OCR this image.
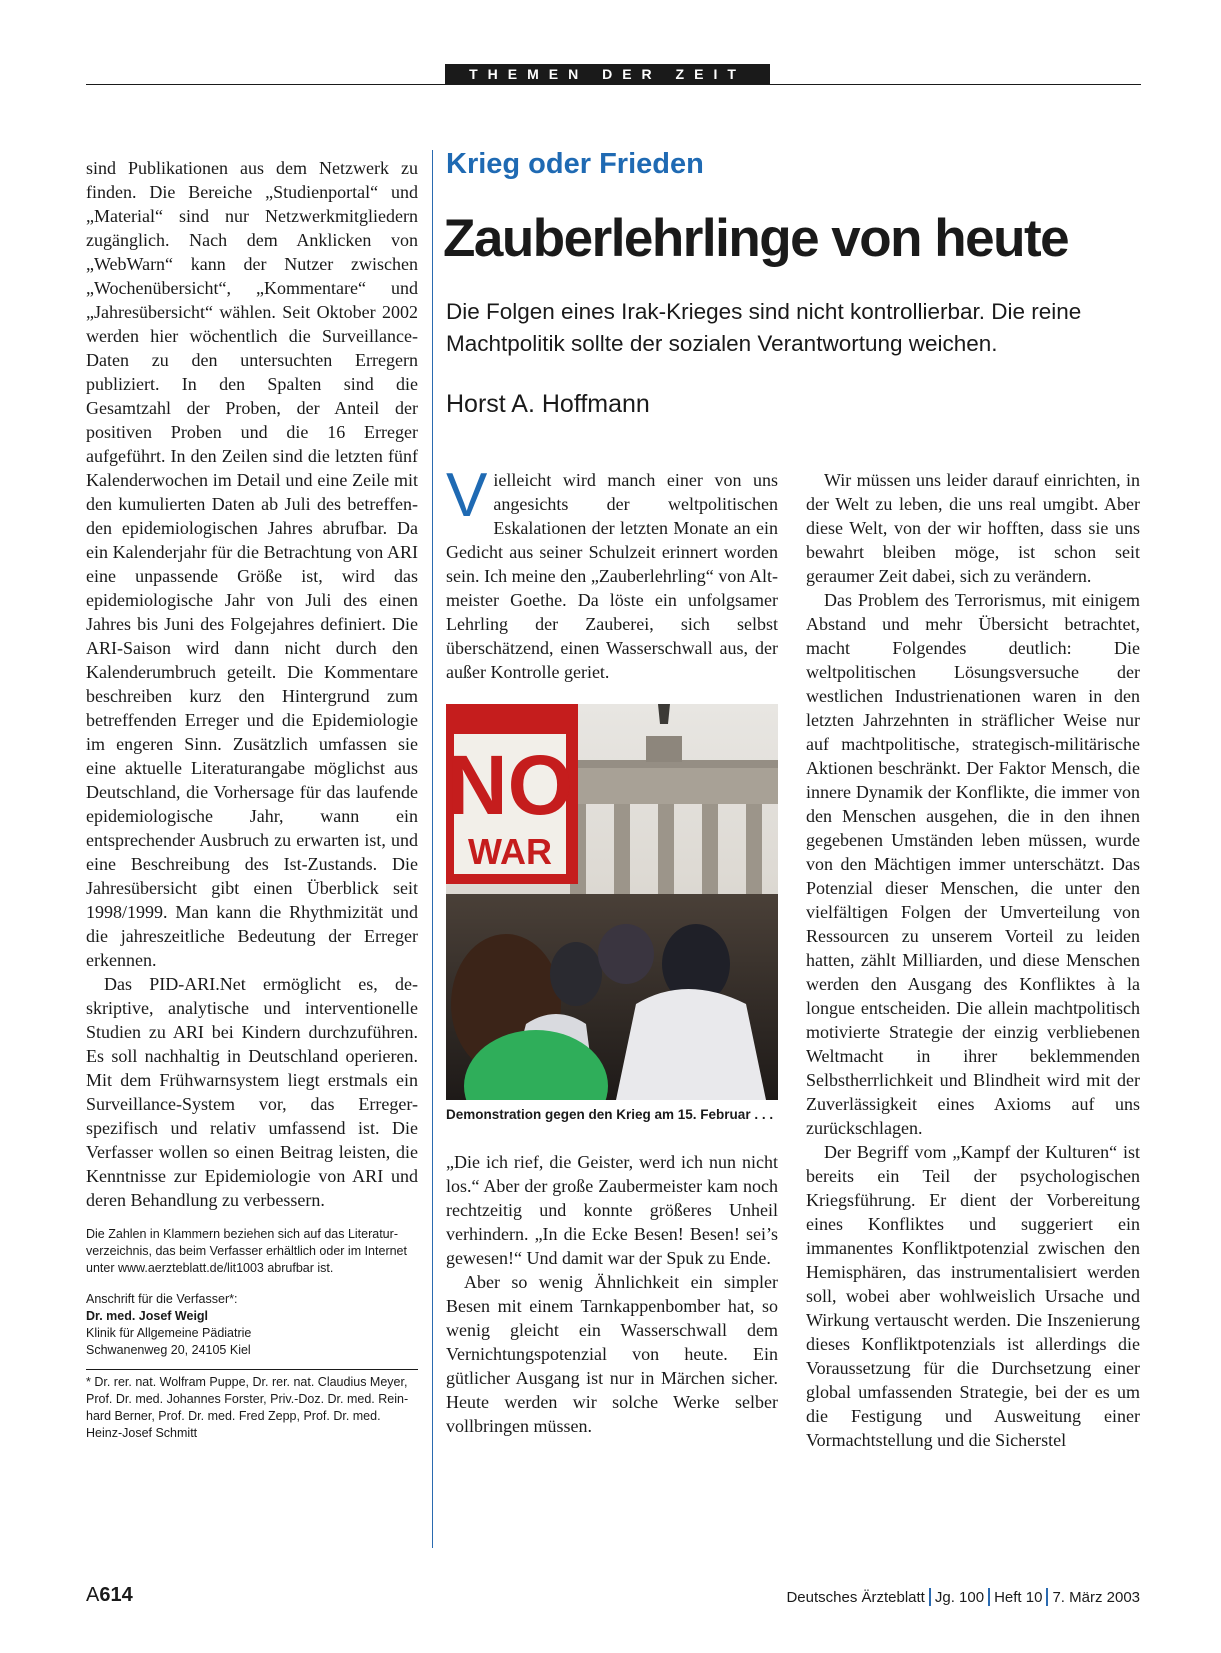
THEMEN DER ZEIT

sind Publikationen aus dem Netzwerk zu finden. Die Bereiche „Studienportal“ und „Material“ sind nur Netzwerkmitgliedern zugänglich. Nach dem Anklicken von „WebWarn“ kann der Nutzer zwischen „Wochenübersicht“, „Kommentare“ und „Jahresübersicht“ wählen. Seit Oktober 2002 werden hier wöchentlich die Surveillance-Daten zu den untersuchten Erregern publiziert. In den Spalten sind die Gesamtzahl der Proben, der Anteil der positiven Proben und die 16 Erreger aufgeführt. In den Zeilen sind die letzten fünf Kalenderwochen im Detail und eine Zeile mit den kumulierten Daten ab Juli des betreffenden epidemiologischen Jahres abrufbar. Da ein Kalenderjahr für die Betrachtung von ARI eine unpassende Größe ist, wird das epidemiologische Jahr von Juli des einen Jahres bis Juni des Folgejahres definiert. Die ARI-Saison wird dann nicht durch den Kalenderumbruch geteilt. Die Kommentare beschreiben kurz den Hintergrund zum betreffenden Erreger und die Epidemiologie im engeren Sinn. Zusätzlich umfassen sie eine aktuelle Literaturangabe möglichst aus Deutschland, die Vorhersage für das laufende epidemiologische Jahr, wann ein entsprechender Ausbruch zu erwarten ist, und eine Beschreibung des Ist-Zustands. Die Jahresübersicht gibt einen Überblick seit 1998/1999. Man kann die Rhythmizität und die jahreszeitliche Bedeutung der Erreger erkennen.

Das PID-ARI.Net ermöglicht es, deskriptive, analytische und interventionelle Studien zu ARI bei Kindern durchzuführen. Es soll nachhaltig in Deutschland operieren. Mit dem Frühwarnsystem liegt erstmals ein Surveillance-System vor, das Erreger-spezifisch und relativ umfassend ist. Die Verfasser wollen so einen Beitrag leisten, die Kenntnisse zur Epidemiologie von ARI und deren Behandlung zu verbessern.

Die Zahlen in Klammern beziehen sich auf das Literaturverzeichnis, das beim Verfasser erhältlich oder im Internet unter www.aerzteblatt.de/lit1003 abrufbar ist.
Anschrift für die Verfasser*:
Dr. med. Josef Weigl
Klinik für Allgemeine Pädiatrie
Schwanenweg 20, 24105 Kiel
* Dr. rer. nat. Wolfram Puppe, Dr. rer. nat. Claudius Meyer, Prof. Dr. med. Johannes Forster, Priv.-Doz. Dr. med. Reinhard Berner, Prof. Dr. med. Fred Zepp, Prof. Dr. med. Heinz-Josef Schmitt
Krieg oder Frieden
Zauberlehrlinge von heute
Die Folgen eines Irak-Krieges sind nicht kontrollierbar. Die reine Machtpolitik sollte der sozialen Verantwortung weichen.
Horst A. Hoffmann

Vielleicht wird manch einer von uns angesichts der weltpolitischen Eskalationen der letzten Monate an ein Gedicht aus seiner Schulzeit erinnert worden sein. Ich meine den „Zauberlehrling“ von Altmeister Goethe. Da löste ein unfolgsamer Lehrling der Zauberei, sich selbst überschätzend, einen Wasserschwall aus, der außer Kontrolle geriet.

NO
WAR
Demonstration gegen den Krieg am 15. Februar . . .

„Die ich rief, die Geister, werd ich nun nicht los.“ Aber der große Zaubermeister kam noch rechtzeitig und konnte größeres Unheil verhindern. „In die Ecke Besen! Besen! sei’s gewesen!“ Und damit war der Spuk zu Ende.

Aber so wenig Ähnlichkeit ein simpler Besen mit einem Tarnkappenbomber hat, so wenig gleicht ein Wasserschwall dem Vernichtungspotenzial von heute. Ein gütlicher Ausgang ist nur in Märchen sicher. Heute werden wir solche Werke selber vollbringen müssen.

Wir müssen uns leider darauf einrichten, in der Welt zu leben, die uns real umgibt. Aber diese Welt, von der wir hofften, dass sie uns bewahrt bleiben möge, ist schon seit geraumer Zeit dabei, sich zu verändern.

Das Problem des Terrorismus, mit einigem Abstand und mehr Übersicht betrachtet, macht Folgendes deutlich: Die weltpolitischen Lösungsversuche der westlichen Industrienationen waren in den letzten Jahrzehnten in sträflicher Weise nur auf machtpolitische, strategisch-militärische Aktionen beschränkt. Der Faktor Mensch, die innere Dynamik der Konflikte, die immer von den Menschen ausgehen, die in den ihnen gegebenen Umständen leben müssen, wurde von den Mächtigen immer unterschätzt. Das Potenzial dieser Menschen, die unter den vielfältigen Folgen der Umverteilung von Ressourcen zu unserem Vorteil zu leiden hatten, zählt Milliarden, und diese Menschen werden den Ausgang des Konfliktes à la longue entscheiden. Die allein machtpolitisch motivierte Strategie der einzig verbliebenen Weltmacht in ihrer beklemmenden Selbstherrlichkeit und Blindheit wird mit der Zuverlässigkeit eines Axioms auf uns zurückschlagen.

Der Begriff vom „Kampf der Kulturen“ ist bereits ein Teil der psychologischen Kriegsführung. Er dient der Vorbereitung eines Konfliktes und suggeriert ein immanentes Konfliktpotenzial zwischen den Hemisphären, das instrumentalisiert werden soll, wobei aber wohlweislich Ursache und Wirkung vertauscht werden. Die Inszenierung dieses Konfliktpotenzials ist allerdings die Voraussetzung für die Durchsetzung einer global umfassenden Strategie, bei der es um die Festigung und Ausweitung einer Vormachtstellung und die Sicherstel

A614	Deutsches Ärzteblatt Jg. 100 Heft 10 7. März 2003
